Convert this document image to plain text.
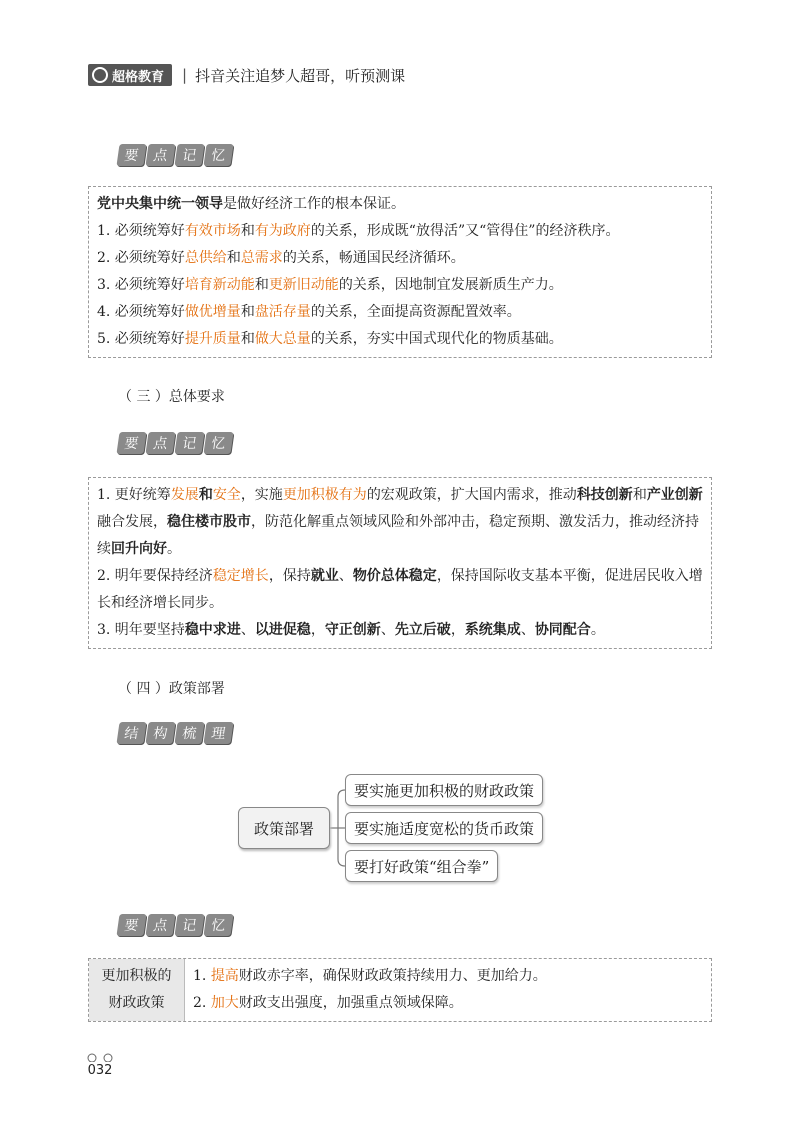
超格教育 | 抖音关注追梦人超哥，听预测课
要 点 记 忆

党中央集中统一领导是做好经济工作的根本保证。

1. 必须统筹好有效市场和有为政府的关系，形成既“放得活”又“管得住”的经济秩序。

2. 必须统筹好总供给和总需求的关系，畅通国民经济循环。

3. 必须统筹好培育新动能和更新旧动能的关系，因地制宜发展新质生产力。

4. 必须统筹好做优增量和盘活存量的关系，全面提高资源配置效率。

5. 必须统筹好提升质量和做大总量的关系，夯实中国式现代化的物质基础。

（ 三 ）总体要求
要 点 记 忆

1. 更好统筹发展和安全，实施更加积极有为的宏观政策，扩大国内需求，推动科技创新和产业创新融合发展，稳住楼市股市，防范化解重点领域风险和外部冲击，稳定预期、激发活力，推动经济持续回升向好。

2. 明年要保持经济稳定增长，保持就业、物价总体稳定，保持国际收支基本平衡，促进居民收入增长和经济增长同步。

3. 明年要坚持稳中求进、以进促稳，守正创新、先立后破，系统集成、协同配合。

（ 四 ）政策部署
结 构 梳 理
政策部署
要实施更加积极的财政政策
要实施适度宽松的货币政策
要打好政策“组合拳”
要 点 记 忆
更加积极的
财政政策
1. 提高财政赤字率，确保财政政策持续用力、更加给力。
2. 加大财政支出强度，加强重点领域保障。
032
